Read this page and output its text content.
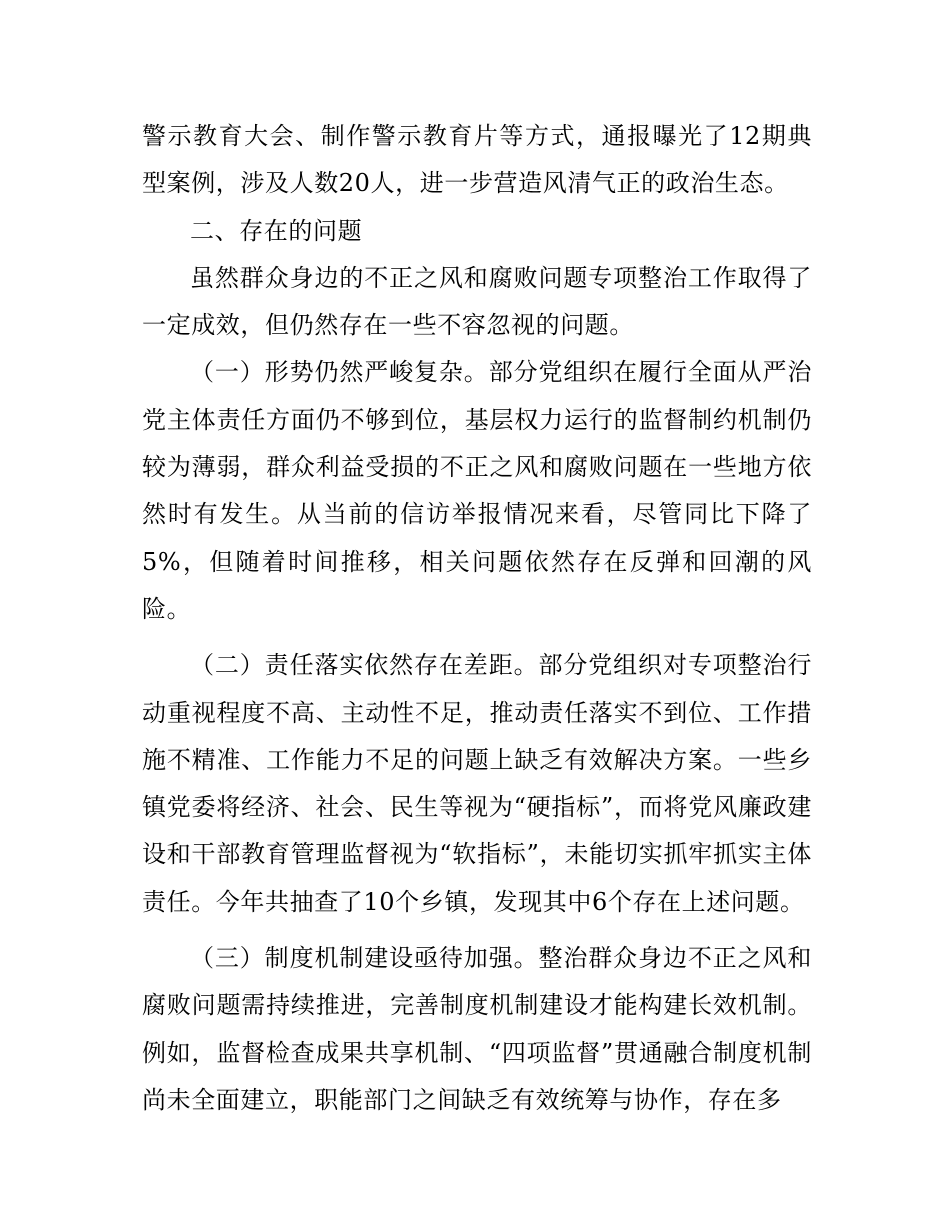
警示教育大会、制作警示教育片等方式，通报曝光了12期典型案例，涉及人数20人，进一步营造风清气正的政治生态。

二、存在的问题

虽然群众身边的不正之风和腐败问题专项整治工作取得了一定成效，但仍然存在一些不容忽视的问题。

（一）形势仍然严峻复杂。部分党组织在履行全面从严治党主体责任方面仍不够到位，基层权力运行的监督制约机制仍较为薄弱，群众利益受损的不正之风和腐败问题在一些地方依然时有发生。从当前的信访举报情况来看，尽管同比下降了5%，但随着时间推移，相关问题依然存在反弹和回潮的风险。

（二）责任落实依然存在差距。部分党组织对专项整治行动重视程度不高、主动性不足，推动责任落实不到位、工作措施不精准、工作能力不足的问题上缺乏有效解决方案。一些乡镇党委将经济、社会、民生等视为“硬指标”，而将党风廉政建设和干部教育管理监督视为“软指标”，未能切实抓牢抓实主体责任。今年共抽查了10个乡镇，发现其中6个存在上述问题。

（三）制度机制建设亟待加强。整治群众身边不正之风和腐败问题需持续推进，完善制度机制建设才能构建长效机制。例如，监督检查成果共享机制、“四项监督”贯通融合制度机制尚未全面建立，职能部门之间缺乏有效统筹与协作，存在多
